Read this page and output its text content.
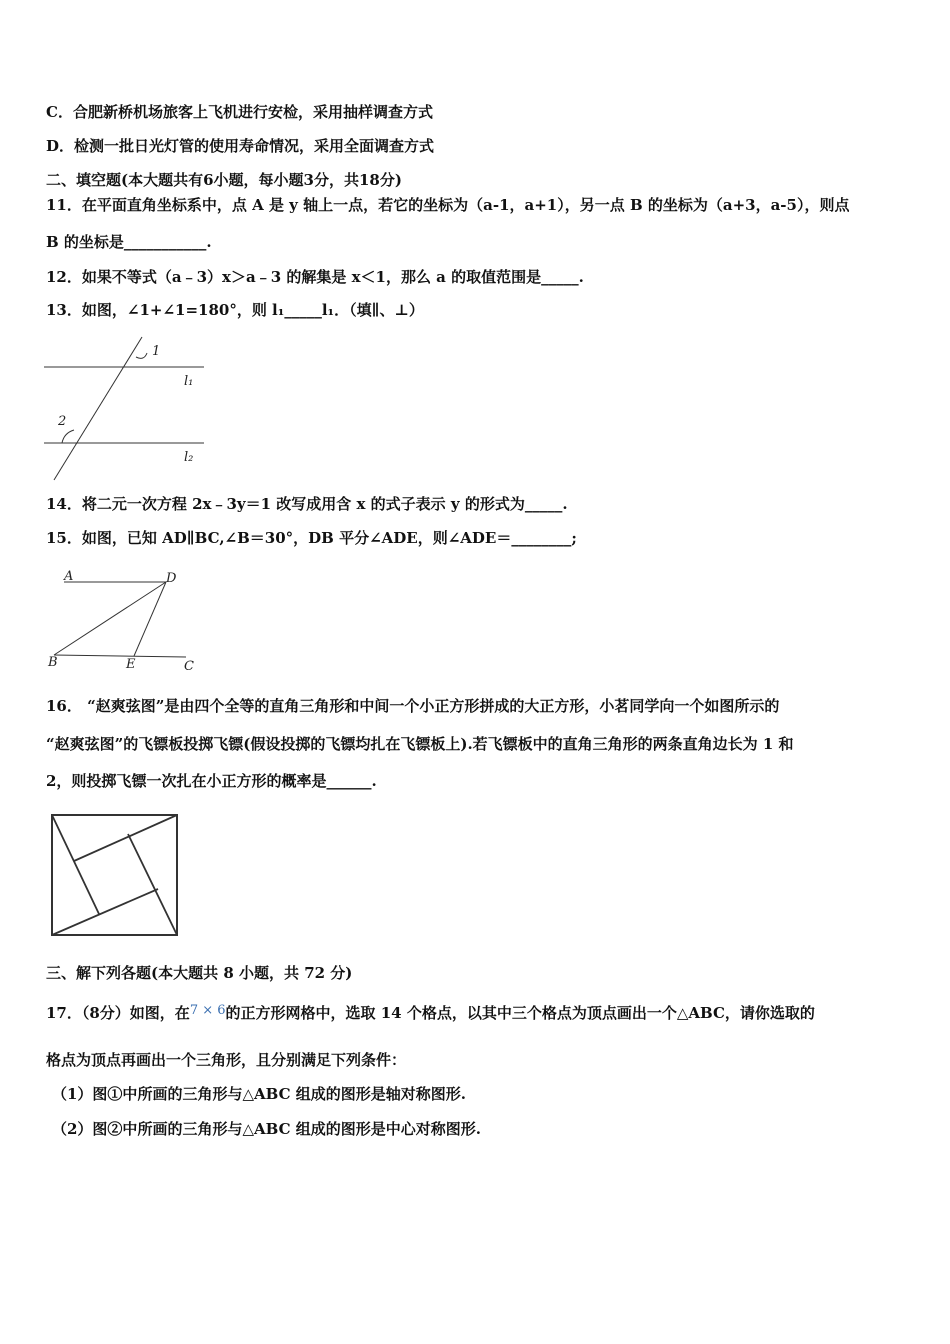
C．合肥新桥机场旅客上飞机进行安检，采用抽样调查方式
D．检测一批日光灯管的使用寿命情况，采用全面调查方式
二、填空题(本大题共有6小题，每小题3分，共18分)
11．在平面直角坐标系中，点 A 是 y 轴上一点，若它的坐标为（a-1，a+1），另一点 B 的坐标为（a+3，a-5），则点
B 的坐标是___________.
12．如果不等式（a﹣3）x＞a﹣3 的解集是 x＜1，那么 a 的取值范围是_____.
13．如图，∠1+∠1=180°，则 l₁_____l₁．（填∥、⊥）
1
2
l₁
l₂
14．将二元一次方程 2x﹣3y＝1 改写成用含 x 的式子表示 y 的形式为_____.
15．如图，已知 AD∥BC,∠B＝30°，DB 平分∠ADE，则∠ADE＝________;
A	D
B	E	C
16． “赵爽弦图”是由四个全等的直角三角形和中间一个小正方形拼成的大正方形，小茗同学向一个如图所示的
“赵爽弦图”的飞镖板投掷飞镖(假设投掷的飞镖均扎在飞镖板上).若飞镖板中的直角三角形的两条直角边长为 1 和
2，则投掷飞镖一次扎在小正方形的概率是______.
三、解下列各题(本大题共 8 小题，共 72 分)
17．（8分）如图，在7 × 6的正方形网格中，选取 14 个格点，以其中三个格点为顶点画出一个△ABC，请你选取的
格点为顶点再画出一个三角形，且分别满足下列条件：
（1）图①中所画的三角形与△ABC 组成的图形是轴对称图形.
（2）图②中所画的三角形与△ABC 组成的图形是中心对称图形.
